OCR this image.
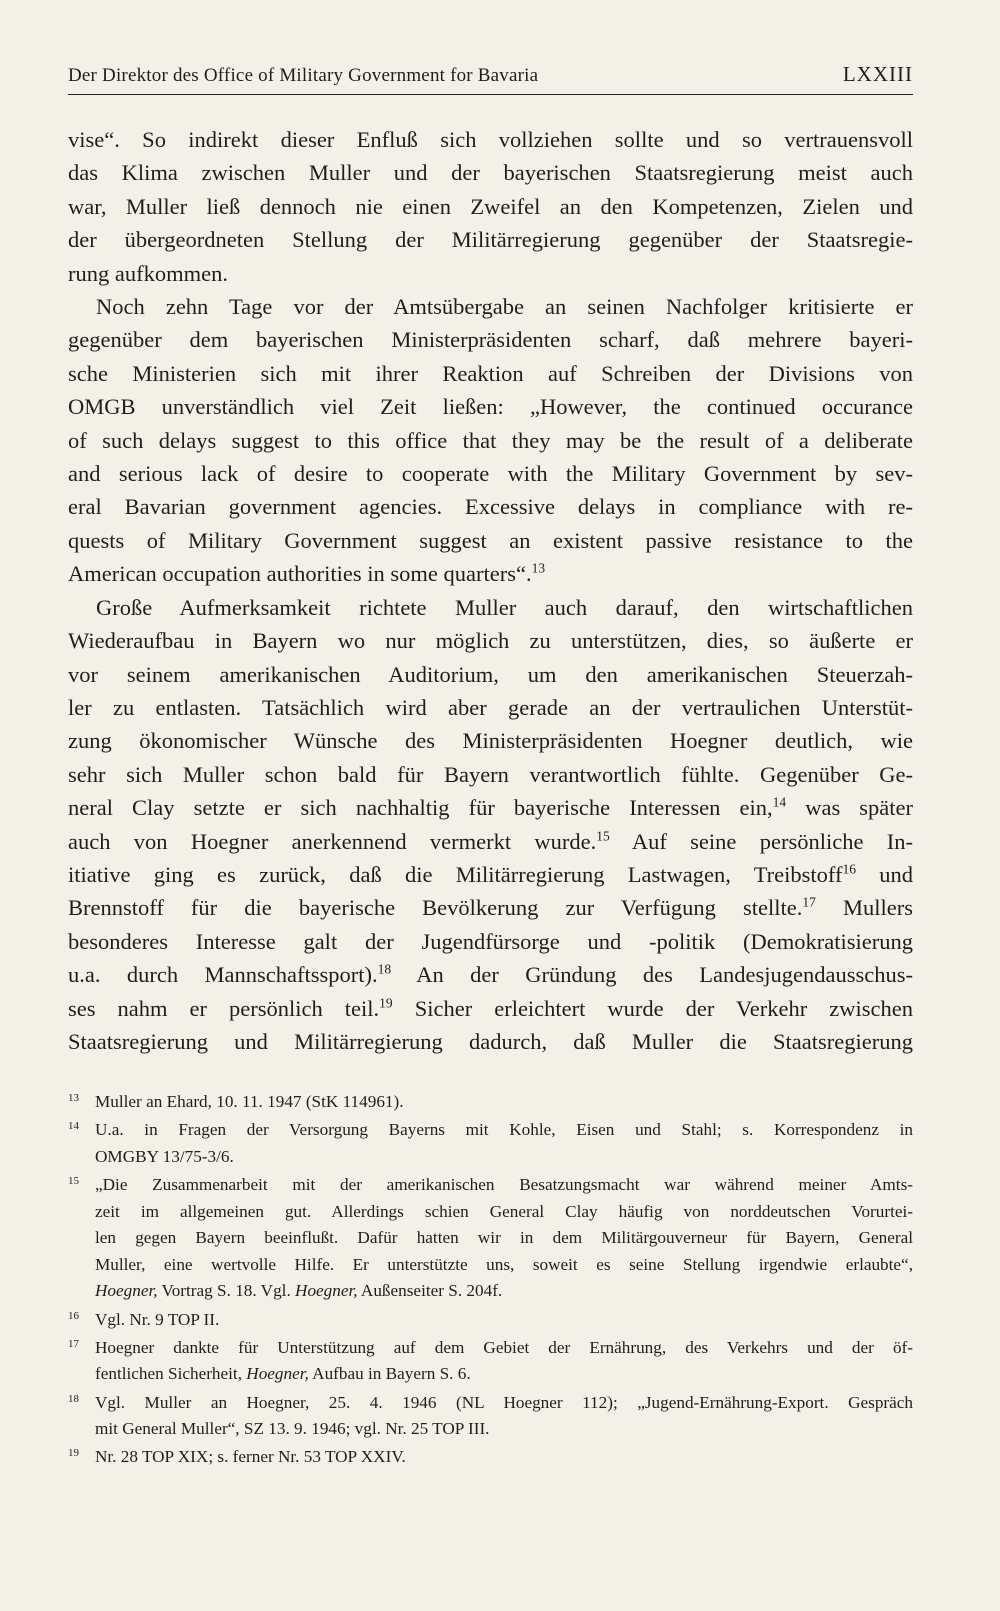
Der Direktor des Office of Military Government for Bavaria	LXXIII

vise“. So indirekt dieser Enfluß sich vollziehen sollte und so vertrauensvoll
das Klima zwischen Muller und der bayerischen Staatsregierung meist auch
war, Muller ließ dennoch nie einen Zweifel an den Kompetenzen, Zielen und
der übergeordneten Stellung der Militärregierung gegenüber der Staatsregie-
rung aufkommen.

Noch zehn Tage vor der Amtsübergabe an seinen Nachfolger kritisierte er
gegenüber dem bayerischen Ministerpräsidenten scharf, daß mehrere bayeri-
sche Ministerien sich mit ihrer Reaktion auf Schreiben der Divisions von
OMGB unverständlich viel Zeit ließen: „However, the continued occurance
of such delays suggest to this office that they may be the result of a deliberate
and serious lack of desire to cooperate with the Military Government by sev-
eral Bavarian government agencies. Excessive delays in compliance with re-
quests of Military Government suggest an existent passive resistance to the
American occupation authorities in some quarters“.$^{13}$

Große Aufmerksamkeit richtete Muller auch darauf, den wirtschaftlichen
Wiederaufbau in Bayern wo nur möglich zu unterstützen, dies, so äußerte er
vor seinem amerikanischen Auditorium, um den amerikanischen Steuerzah-
ler zu entlasten. Tatsächlich wird aber gerade an der vertraulichen Unterstüt-
zung ökonomischer Wünsche des Ministerpräsidenten Hoegner deutlich, wie
sehr sich Muller schon bald für Bayern verantwortlich fühlte. Gegenüber Ge-
neral Clay setzte er sich nachhaltig für bayerische Interessen ein,$^{14}$ was später
auch von Hoegner anerkennend vermerkt wurde.$^{15}$ Auf seine persönliche In-
itiative ging es zurück, daß die Militärregierung Lastwagen, Treibstoff$^{16}$ und
Brennstoff für die bayerische Bevölkerung zur Verfügung stellte.$^{17}$ Mullers
besonderes Interesse galt der Jugendfürsorge und -politik (Demokratisierung
u.a. durch Mannschaftssport).$^{18}$ An der Gründung des Landesjugendausschus-
ses nahm er persönlich teil.$^{19}$ Sicher erleichtert wurde der Verkehr zwischen
Staatsregierung und Militärregierung dadurch, daß Muller die Staatsregierung

13 Muller an Ehard, 10. 11. 1947 (StK 114961).
14 U.a. in Fragen der Versorgung Bayerns mit Kohle, Eisen und Stahl; s. Korrespondenz in
OMGBY 13/75-3/6.
15 „Die Zusammenarbeit mit der amerikanischen Besatzungsmacht war während meiner Amts-
zeit im allgemeinen gut. Allerdings schien General Clay häufig von norddeutschen Vorurtei-
len gegen Bayern beeinflußt. Dafür hatten wir in dem Militärgouverneur für Bayern, General
Muller, eine wertvolle Hilfe. Er unterstützte uns, soweit es seine Stellung irgendwie erlaubte“,
Hoegner, Vortrag S. 18. Vgl. Hoegner, Außenseiter S. 204f.
16 Vgl. Nr. 9 TOP II.
17 Hoegner dankte für Unterstützung auf dem Gebiet der Ernährung, des Verkehrs und der öf-
fentlichen Sicherheit, Hoegner, Aufbau in Bayern S. 6.
18 Vgl. Muller an Hoegner, 25. 4. 1946 (NL Hoegner 112); „Jugend-Ernährung-Export. Gespräch
mit General Muller“, SZ 13. 9. 1946; vgl. Nr. 25 TOP III.
19 Nr. 28 TOP XIX; s. ferner Nr. 53 TOP XXIV.
